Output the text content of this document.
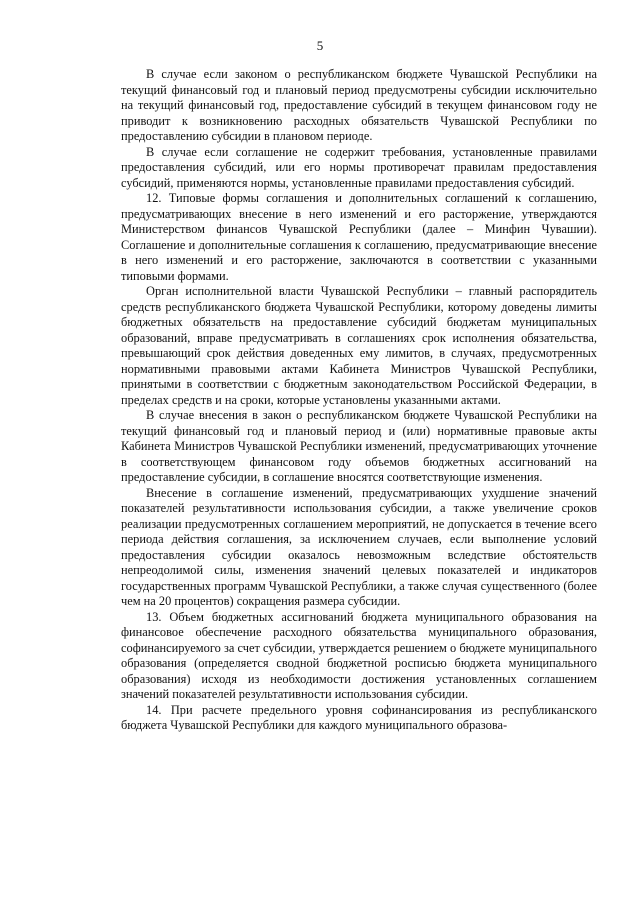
5

В случае если законом о республиканском бюджете Чувашской Республики на текущий финансовый год и плановый период предусмотрены субсидии исключительно на текущий финансовый год, предоставление субсидий в текущем финансовом году не приводит к возникновению расходных обязательств Чувашской Республики по предоставлению субсидии в плановом периоде.

В случае если соглашение не содержит требования, установленные правилами предоставления субсидий, или его нормы противоречат правилам предоставления субсидий, применяются нормы, установленные правилами предоставления субсидий.

12. Типовые формы соглашения и дополнительных соглашений к соглашению, предусматривающих внесение в него изменений и его расторжение, утверждаются Министерством финансов Чувашской Республики (далее – Минфин Чувашии). Соглашение и дополнительные соглашения к соглашению, предусматривающие внесение в него изменений и его расторжение, заключаются в соответствии с указанными типовыми формами.

Орган исполнительной власти Чувашской Республики – главный распорядитель средств республиканского бюджета Чувашской Республики, которому доведены лимиты бюджетных обязательств на предоставление субсидий бюджетам муниципальных образований, вправе предусматривать в соглашениях срок исполнения обязательства, превышающий срок действия доведенных ему лимитов, в случаях, предусмотренных нормативными правовыми актами Кабинета Министров Чувашской Республики, принятыми в соответствии с бюджетным законодательством Российской Федерации, в пределах средств и на сроки, которые установлены указанными актами.

В случае внесения в закон о республиканском бюджете Чувашской Республики на текущий финансовый год и плановый период и (или) нормативные правовые акты Кабинета Министров Чувашской Республики изменений, предусматривающих уточнение в соответствующем финансовом году объемов бюджетных ассигнований на предоставление субсидии, в соглашение вносятся соответствующие изменения.

Внесение в соглашение изменений, предусматривающих ухудшение значений показателей результативности использования субсидии, а также увеличение сроков реализации предусмотренных соглашением мероприятий, не допускается в течение всего периода действия соглашения, за исключением случаев, если выполнение условий предоставления субсидии оказалось невозможным вследствие обстоятельств непреодолимой силы, изменения значений целевых показателей и индикаторов государственных программ Чувашской Республики, а также случая существенного (более чем на 20 процентов) сокращения размера субсидии.

13. Объем бюджетных ассигнований бюджета муниципального образования на финансовое обеспечение расходного обязательства муниципального образования, софинансируемого за счет субсидии, утверждается решением о бюджете муниципального образования (определяется сводной бюджетной росписью бюджета муниципального образования) исходя из необходимости достижения установленных соглашением значений показателей результативности использования субсидии.

14. При расчете предельного уровня софинансирования из республиканского бюджета Чувашской Республики для каждого муниципального образова-
